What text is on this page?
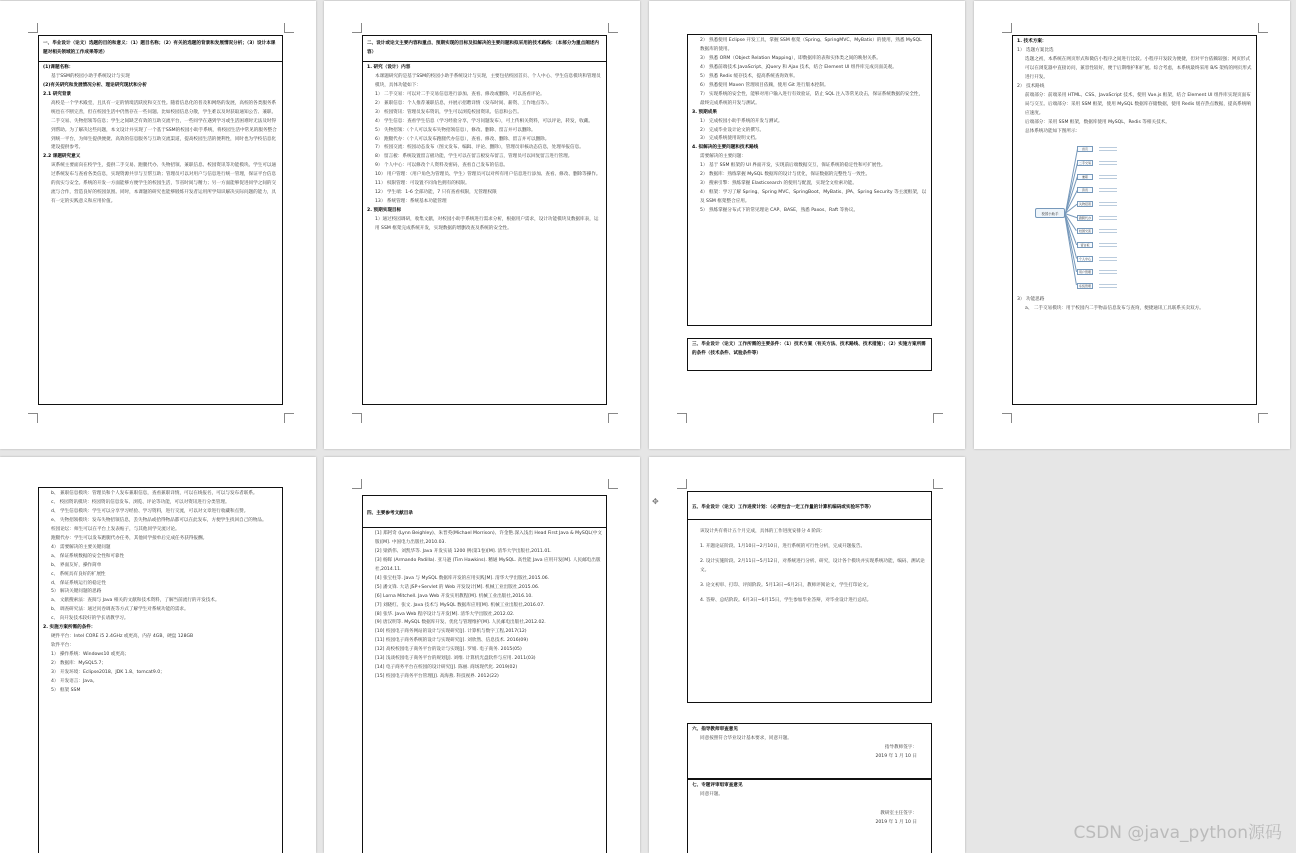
一、毕业设计（论文）选题的目的和意义：（1）题目名称；（2）有关的选题的背景和发展情况分析；（3）设计本课题对相关领域的工作成果等述）

(1)课题名称：

基于SSM的校园小助手系统设计与实现

(2)有关研究和发展情况分析、理论研究现状和分析

2.1 研究背景

高校是一个学术殿堂，且具有一定的情境活跃度和交互性。随着信息化的普及和网络的发展，高校的各类服务系统也在不断完善，但在校园生活中仍然存在一些问题。比如校园信息分散，学生难以及时获取通知公告、兼职、二手交易、失物招领等信息；学生之间缺乏有效的互助交流平台，一些同学在遇到学习或生活困难时无法及时得到帮助。为了解决这些问题，本文设计并实现了一个基于SSM的校园小助手系统，将校园生活中常见的服务整合到统一平台，为师生提供便捷、高效的信息服务与互助交流渠道，提高校园生活的便利性，同时也为学校信息化建设提供参考。

2.2 课题研究意义

该系统主要面向在校学生，提供二手交易、跑腿代办、失物招领、兼职信息、校园资讯等功能模块。学生可以通过系统发布与查看各类信息，实现资源共享与互帮互助；管理员可以对用户与信息进行统一管理，保证平台信息的真实与安全。系统的开发一方面能够方便学生的校园生活，节省时间与精力；另一方面能够促进同学之间的交流与合作，营造良好的校园氛围。同时，本课题的研究也能够锻炼开发者运用所学知识解决实际问题的能力，具有一定的实践意义和应用价值。

二、设计或论文主要内容和重点、预期实现的目标及拟解决的主要问题和拟采用的技术路线：（本部分为重点阐述内容）

1. 研究（设计）内容

本课题研究的是基于SSM的校园小助手系统设计与实现，主要包括校园首页、个人中心、学生信息模块和管理员模块，具体功能如下：

1） 二手交易：可以对二手交易信息进行添加、查看、修改或删除，可以查看评论。

2） 兼职信息：个人推荐兼职信息，并展示招聘详情（发布时间、薪资、工作地点等）。

3） 校园资讯：管理员发布资讯，学生可以浏览校园资讯、信息和公告。

4） 学生信息：查看学生信息（学习经验分享，学习问题发布），可上传相关资料，可以评论，转发，收藏。

5） 失物招领：（个人可以发布失物招领信息），修改、删除、留言并可以删除。

6） 跑腿代办：（个人可以发布跑腿代办信息），查看、修改、删除、留言并可以删除。

7） 校园交流：校园动态发布（图文发布、编辑、评论、删除），管理员审核动态信息，处理举报信息。

8） 留言板：系统设置留言板功能，学生可以在留言板发布留言，管理员可以回复留言进行管理。

9） 个人中心：可以修改个人资料及密码，查看自己发布的信息。

10） 用户管理：（用户角色为管理员、学生）管理员可以对所有用户信息进行添加、查看、修改、删除等操作。

11） 权限管理：可设置不同角色拥有的权限。

12） 学生端：1-6 全部功能，7 只有查看权限，无管理权限

13） 系统管理：系统基本功能管理

2. 预期实现目标

1）通过校园调研，收集文献，对校园小助手系统进行需求分析，根据用户需求，设计功能模块及数据库表，运用 SSM 框架完成系统开发，实现数据的增删改查及系统的安全性。

2） 熟悉使用 Eclipse 开发工具，掌握 SSM 框架（Spring、SpringMVC、MyBatis）的使用，熟悉 MySQL 数据库的使用。

3） 熟悉 ORM（Object Relation Mapping），即数据库的表和实体类之间的映射关系。

4） 熟悉前端技术 JavaScript、jQuery 和 Ajax 技术，结合 Element UI 组件库完成页面美观。

5） 熟悉 Redis 缓存技术，提高系统查询效率。

6） 熟悉使用 Maven 管理项目依赖，使用 Git 进行版本控制。

7） 实现系统的安全性，能够对用户输入进行有效验证，防止 SQL 注入等常见攻击，保证系统数据的安全性，最终完成系统的开发与测试。

3. 预期成果

1） 完成校园小助手系统的开发与测试。

2） 完成毕业设计论文的撰写。

3） 完成系统使用说明文档。

4. 拟解决的主要问题和技术路线

需要解决的主要问题：

1） 基于 SSM 框架的 UI 界面开发，实现前后端数据交互，保证系统的稳定性和可扩展性。

2） 数据库：熟练掌握 MySQL 数据库的设计与优化，保证数据的完整性与一致性。

3） 搜索引擎：熟练掌握 Elasticsearch 的使用与配置，实现全文检索功能。

4） 框架：学习了解 Spring、Spring MVC、SpringBoot、MyBatis、JPA、Spring Security 等主流框架，以及 SSM 框架整合应用。

5） 熟练掌握分布式下的常见理论 CAP、BASE，熟悉 Paxos、Raft 等协议。

三、毕业设计（论文）工作所需的主要条件：（1）技术方案（有关方法、技术路线、技术措施）；（2）实施方案所需的条件（技术条件、试验条件等）

1. 技术方案：

1） 选题方案比选

选题之初，本系统在网页形式和微信小程序之间进行比较。小程序开发较为便捷，但对平台依赖较强；网页形式可以在浏览器中直接访问，兼容性较好，便于后期维护和扩展。综合考虑，本系统最终采用 B/S 架构的网页形式进行开发。

2） 技术路线

前端部分：前端采用 HTML、CSS、JavaScript 技术，使用 Vue.js 框架，结合 Element UI 组件库实现页面布局与交互。后端部分：采用 SSM 框架，使用 MySQL 数据库存储数据，使用 Redis 缓存热点数据，提高系统响应速度。

后端部分：采用 SSM 框架，数据库使用 MySQL，Redis 等相关技术。

总体系统功能如下图所示：

校园小助手
首页
二手交易
兼职
资讯
失物招领
跑腿代办
校园交流
留言板
个人中心
用户管理
系统管理

3） 功能思路

a、 二手交易模块：用于校园内二手物品信息发布与查询，便捷通讯工具联系买卖双方。

b、 兼职信息模块：管理员和个人发布兼职信息，查看兼职详情，可以在线报名，可以与发布者联系。

c、 校园资讯模块：校园资讯信息发布、浏览、评论等功能，可以对资讯进行分类管理。

d、 学生信息模块：学生可以分享学习经验、学习资料，进行交流，可以对文章进行收藏和点赞。

e、 失物招领模块：发布失物招领信息，丢失物品或拾得物品都可以在此发布，方便学生找回自己的物品。

校园论坛：师生可以在平台上发表帖子，与其他同学交流讨论。

跑腿代办：学生可以发布跑腿代办任务，其他同学接单后完成任务获得报酬。

4） 需要解决的主要关键问题

a、 保证系统数据的安全性和可靠性

b、 界面友好，操作简单

c、 系统具有良好的扩展性

d、 保证系统运行的稳定性

5） 解决关键问题的思路

a、 文献搜索法：查阅与 Java 相关的文献和技术资料，了解当前流行的开发技术。

b、 调查研究法：通过问卷调查等方式了解学生对系统功能的需求。

c、 向开发技术较好的学长请教学习。

2. 实施方案所需的条件：

硬件平台：Intel CORE i5 2.4GHz 或更高，内存 4GB，硬盘 128GB

软件平台：

1） 操作系统：Windows10 或更高；

2） 数据库：MySQL5.7；

3） 开发环境：Eclipse2018、JDK 1.8、tomcat9.0；

4） 开发语言：Java。

5） 框架 SSM

四、主要参考文献目录

[1] 郑阿奇 (Lynn Beighley)、朱晋英(Michael Morrison)、许金艳.深入浅出 Head First Java & MySQL(中文版)[M]. 中国电力出版社,2010.03.

[2] 梁新伟、刘凯华等. Java 开发实战 1200 例(第1卷)[M]. 清华大学出版社,2011.01.

[3] 杨晖 (Armando Padilla). 亚马逊 (Tim Hawkins). 精通 MySQL. 高性能 Java 应用开发[M]. 人民邮电出版社,2014.11.

[4] 张宝柱等. Java 与 MySQL 数据库开发的应用实践[M]. 清华大学出版社,2015.06.

[5] 潘文锋. 大话 JSP+Servlet 的 Web 开发设计[M]. 机械工业出版社,2015.06.

[6] Lorna Mitchell. Java Web 开发实用教程[M]. 机械工业出版社,2016.10.

[7] 刘晓红、张文. Java 技术与 MySQL 数据库应用[M]. 机械工业出版社,2016.07.

[8] 张华. Java Web 程序设计与开发[M]. 清华大学出版社,2012.02.

[9] 唐汉明等. MySQL 数据库开发、优化与管理维护[M]. 人民邮电出版社,2012.02.

[10] 校园电子商务网站的设计与实现研究[J]. 计算机与数字工程,2017(12)

[11] 校园电子商务系统的设计与实现研究[J]. 刘欣然、信息技术. 2016(09)

[12] 高校校园电子商务平台的设计与实现[J]. 罗娟. 电子商务. 2015(05)

[13] 浅谈校园电子商务平台的规划[J]. 刘维. 计算机光盘软件与应用. 2011(03)

[14] 电子商务平台在校园的设计研究[J]. 陈丽. 商场现代化. 2019(02)

[15] 校园电子商务平台管理[J]. 高海燕. 科技视界. 2012(22)

五、毕业设计（论文）工作进度计划：（必须包含一定工作量的计算机编码或实验环节等）

该设计共有将计五个月完成，具体的工作进度安排分 4 阶段：

1. 开题论证阶段。1月10日~2月10日，进行系统的可行性分析，完成开题报告。

2. 设计实施阶段。2月11日~5月12日，对系统进行分析、研究，设计各个模块并实现系统功能，编码、测试论文。

3. 论文初审、打印、评阅阶段。5月13日~6月2日，教师评阅论文，学生打印论文。

4. 答辩、总结阶段。6月3日~6月15日，学生参加毕业答辩，对毕业设计进行总结。

六、指导教师审查意见

同意按照符合毕业设计基本要求，同意开题。

指导教师签字：

2019 年 1 月 10 日

七、专题评审组审查意见

同意开题。

教研室主任签字：

2019 年 1 月 10 日

✥
CSDN @java_python源码
